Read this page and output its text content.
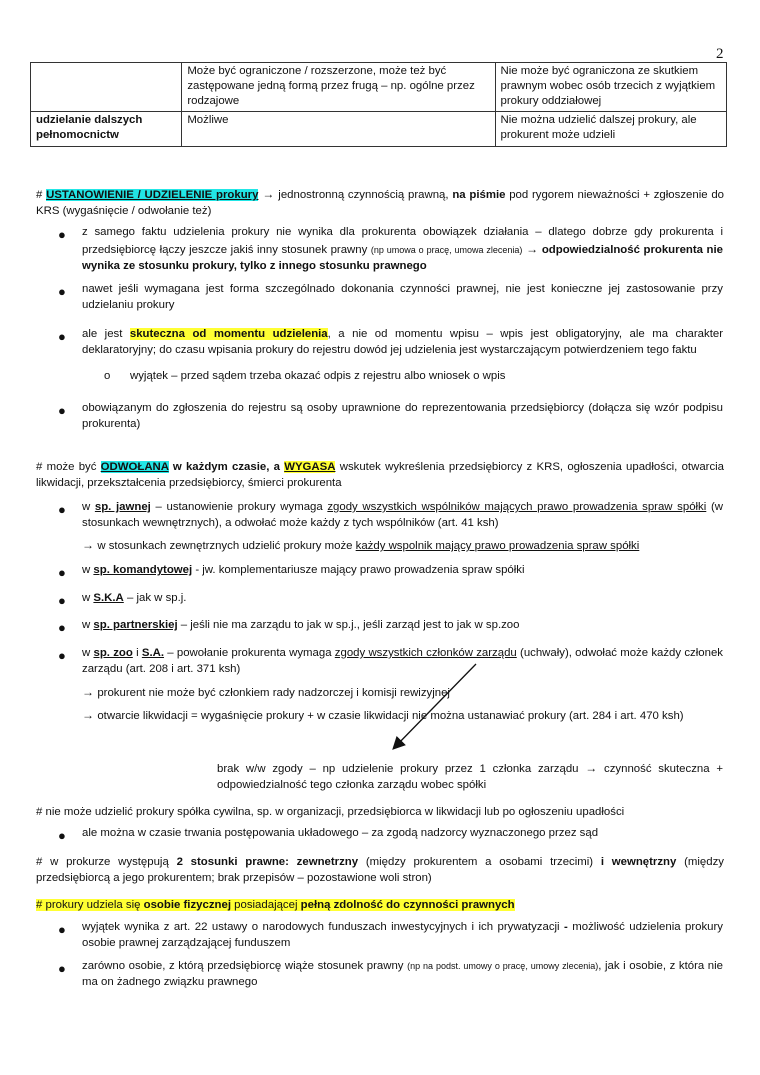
2
	Może być ograniczone / rozszerzone, może też być zastępowane jedną formą przez frugą – np. ogólne przez rodzajowe	Nie może być ograniczona ze skutkiem prawnym wobec osób trzecich z wyjątkiem prokury oddziałowej
udzielanie dalszych pełnomocnictw	Możliwe	Nie można udzielić dalszej prokury, ale prokurent może udzieli
# USTANOWIENIE / UDZIELENIE prokury → jednostronną czynnością prawną, na piśmie pod rygorem nieważności + zgłoszenie do KRS (wygaśnięcie / odwołanie też)
● z samego faktu udzielenia prokury nie wynika dla prokurenta obowiązek działania – dlatego dobrze gdy prokurenta i przedsiębiorcę łączy jeszcze jakiś inny stosunek prawny (np umowa o pracę, umowa zlecenia) → odpowiedzialność prokurenta nie wynika ze stosunku prokury, tylko z innego stosunku prawnego
● nawet jeśli wymagana jest forma szczególnado dokonania czynności prawnej, nie jest konieczne jej zastosowanie przy udzielaniu prokury
● ale jest skuteczna od momentu udzielenia, a nie od momentu wpisu – wpis jest obligatoryjny, ale ma charakter deklaratoryjny; do czasu wpisania prokury do rejestru dowód jej udzielenia jest wystarczającym potwierdzeniem tego faktu
o wyjątek – przed sądem trzeba okazać odpis z rejestru albo wniosek o wpis
● obowiązanym do zgłoszenia do rejestru są osoby uprawnione do reprezentowania przedsiębiorcy (dołącza się wzór podpisu prokurenta)
# może być ODWOŁANA w każdym czasie, a WYGASA wskutek wykreślenia przedsiębiorcy z KRS, ogłoszenia upadłości, otwarcia likwidacji, przekształcenia przedsiębiorcy, śmierci prokurenta
● w sp. jawnej – ustanowienie prokury wymaga zgody wszystkich wspólników mających prawo prowadzenia spraw spółki (w stosunkach wewnętrznych), a odwołać może każdy z tych wspólników (art. 41 ksh)
→ w stosunkach zewnętrznych udzielić prokury może każdy wspolnik mający prawo prowadzenia spraw spółki
● w sp. komandytowej - jw. komplementariusze mający prawo prowadzenia spraw spółki
● w S.K.A – jak w sp.j.
● w sp. partnerskiej – jeśli nie ma zarządu to jak w sp.j., jeśli zarząd jest to jak w sp.zoo
● w sp. zoo i S.A. – powołanie prokurenta wymaga zgody wszystkich członków zarządu (uchwały), odwołać może każdy członek zarządu (art. 208 i art. 371 ksh)
→ prokurent nie może być członkiem rady nadzorczej i komisji rewizyjnej
→ otwarcie likwidacji = wygaśnięcie prokury + w czasie likwidacji nie można ustanawiać prokury (art. 284 i art. 470 ksh)
brak w/w zgody – np udzielenie prokury przez 1 członka zarządu → czynność skuteczna + odpowiedzialność tego członka zarządu wobec spółki
# nie może udzielić prokury spółka cywilna, sp. w organizacji, przedsiębiorca w likwidacji lub po ogłoszeniu upadłości
● ale można w czasie trwania postępowania układowego – za zgodą nadzorcy wyznaczonego przez sąd
# w prokurze występują 2 stosunki prawne: zewnetrzny (między prokurentem a osobami trzecimi) i wewnętrzny (między przedsiębiorcą a jego prokurentem; brak przepisów – pozostawione woli stron)
# prokury udziela się osobie fizycznej posiadającej pełną zdolność do czynności prawnych
● wyjątek wynika z art. 22 ustawy o narodowych funduszach inwestycyjnych i ich prywatyzacji - możliwość udzielenia prokury osobie prawnej zarządzającej funduszem
● zarówno osobie, z którą przedsiębiorcę wiąże stosunek prawny (np na podst. umowy o pracę, umowy zlecenia), jak i osobie, z która nie ma on żadnego związku prawnego
